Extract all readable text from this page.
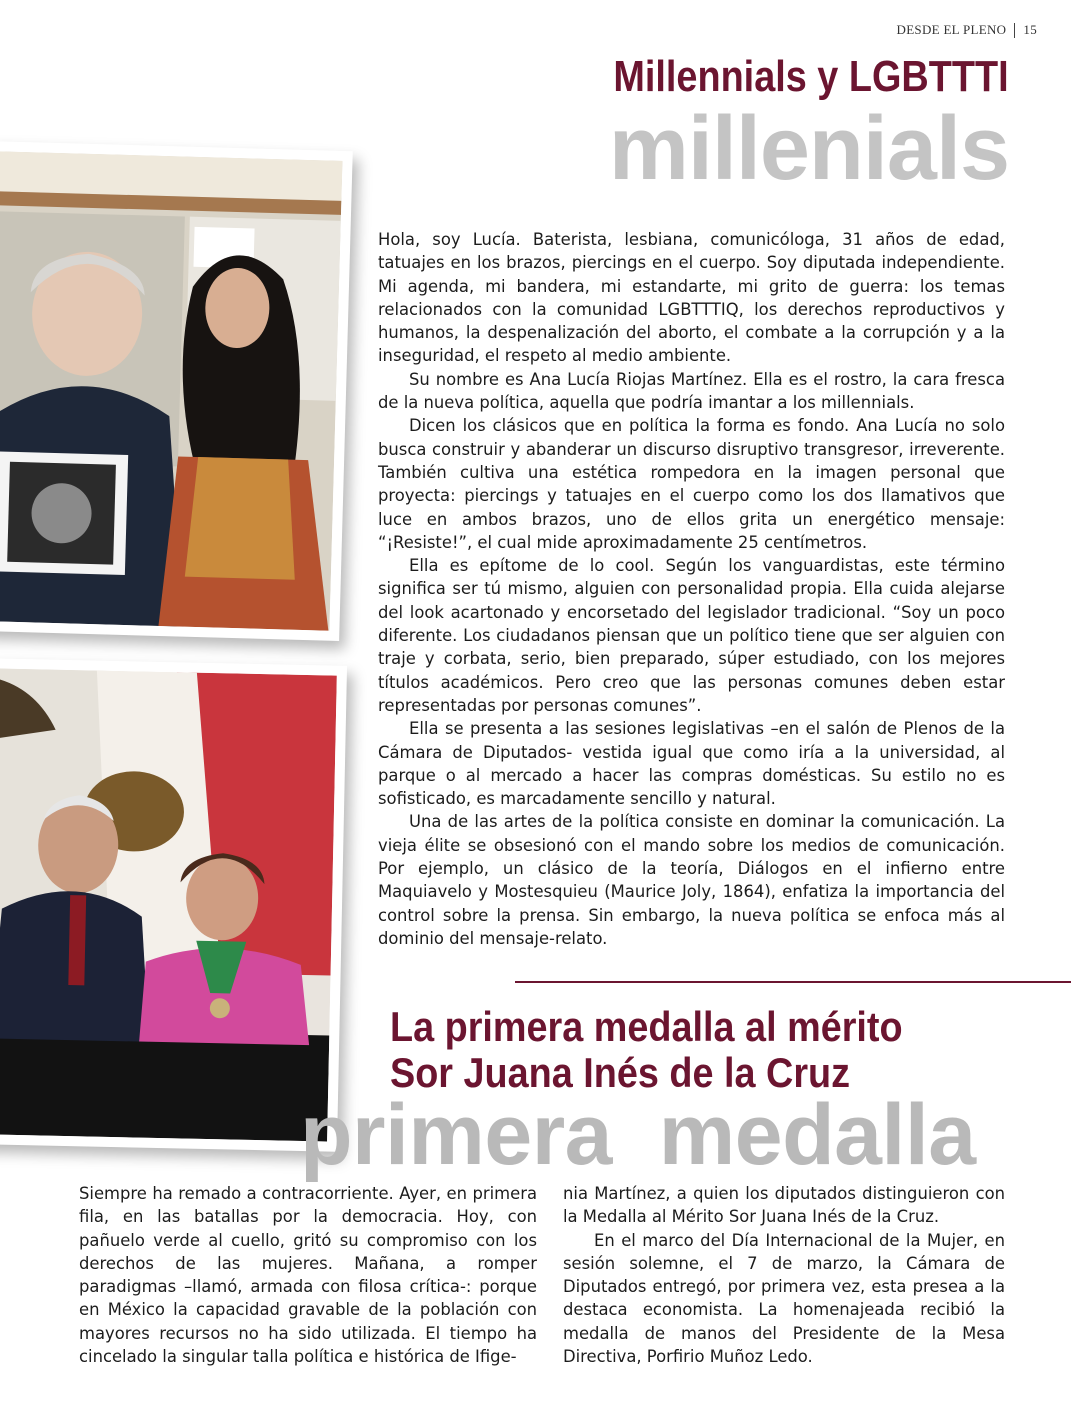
DESDE EL PLENO 15
Millennials y LGBTTTI
millenials

Hola, soy Lucía. Baterista, lesbiana, comunicóloga, 31 años de edad, tatuajes en los brazos, piercings en el cuerpo. Soy diputada independiente. Mi agenda, mi bandera, mi estandarte, mi grito de guerra: los temas relacionados con la comunidad LGBTTTIQ, los derechos reproductivos y humanos, la despenalización del aborto, el combate a la corrupción y a la inseguridad, el respeto al medio ambiente.

Su nombre es Ana Lucía Riojas Martínez. Ella es el rostro, la cara fresca de la nueva política, aquella que podría imantar a los millennials.

Dicen los clásicos que en política la forma es fondo. Ana Lucía no solo busca construir y abanderar un discurso disruptivo transgresor, irreverente. También cultiva una estética rompedora en la imagen personal que proyecta: piercings y tatuajes en el cuerpo como los dos llamativos que luce en ambos brazos, uno de ellos grita un energético mensaje: “¡Resiste!”, el cual mide aproximadamente 25 centímetros.

Ella es epítome de lo cool. Según los vanguardistas, este término significa ser tú mismo, alguien con personalidad propia. Ella cuida alejarse del look acartonado y encorsetado del legislador tradicional. “Soy un poco diferente. Los ciudadanos piensan que un político tiene que ser alguien con traje y corbata, serio, bien preparado, súper estudiado, con los mejores títulos académicos. Pero creo que las personas comunes deben estar representadas por personas comunes”.

Ella se presenta a las sesiones legislativas –en el salón de Plenos de la Cámara de Diputados- vestida igual que como iría a la universidad, al parque o al mercado a hacer las compras domésticas. Su estilo no es sofisticado, es marcadamente sencillo y natural.

Una de las artes de la política consiste en dominar la comunicación. La vieja élite se obsesionó con el mando sobre los medios de comunicación. Por ejemplo, un clásico de la teoría, Diálogos en el infierno entre Maquiavelo y Mostesquieu (Maurice Joly, 1864), enfatiza la importancia del control sobre la prensa. Sin embargo, la nueva política se enfoca más al dominio del mensaje-relato.

La primera medalla al mérito
Sor Juana Inés de la Cruz
primera  medalla

Siempre ha remado a contracorriente. Ayer, en primera fila, en las batallas por la democracia. Hoy, con pañuelo verde al cuello, gritó su compromiso con los derechos de las mujeres. Mañana, a romper paradigmas –llamó, armada con filosa crítica-: porque en México la capacidad gravable de la población con mayores recursos no ha sido utilizada. El tiempo ha cincelado la singular talla política e histórica de Ifige-

nia Martínez, a quien los diputados distinguieron con la Medalla al Mérito Sor Juana Inés de la Cruz.

En el marco del Día Internacional de la Mujer, en sesión solemne, el 7 de marzo, la Cámara de Diputados entregó, por primera vez, esta presea a la destaca economista. La homenajeada recibió la medalla de manos del Presidente de la Mesa Directiva, Porfirio Muñoz Ledo.
